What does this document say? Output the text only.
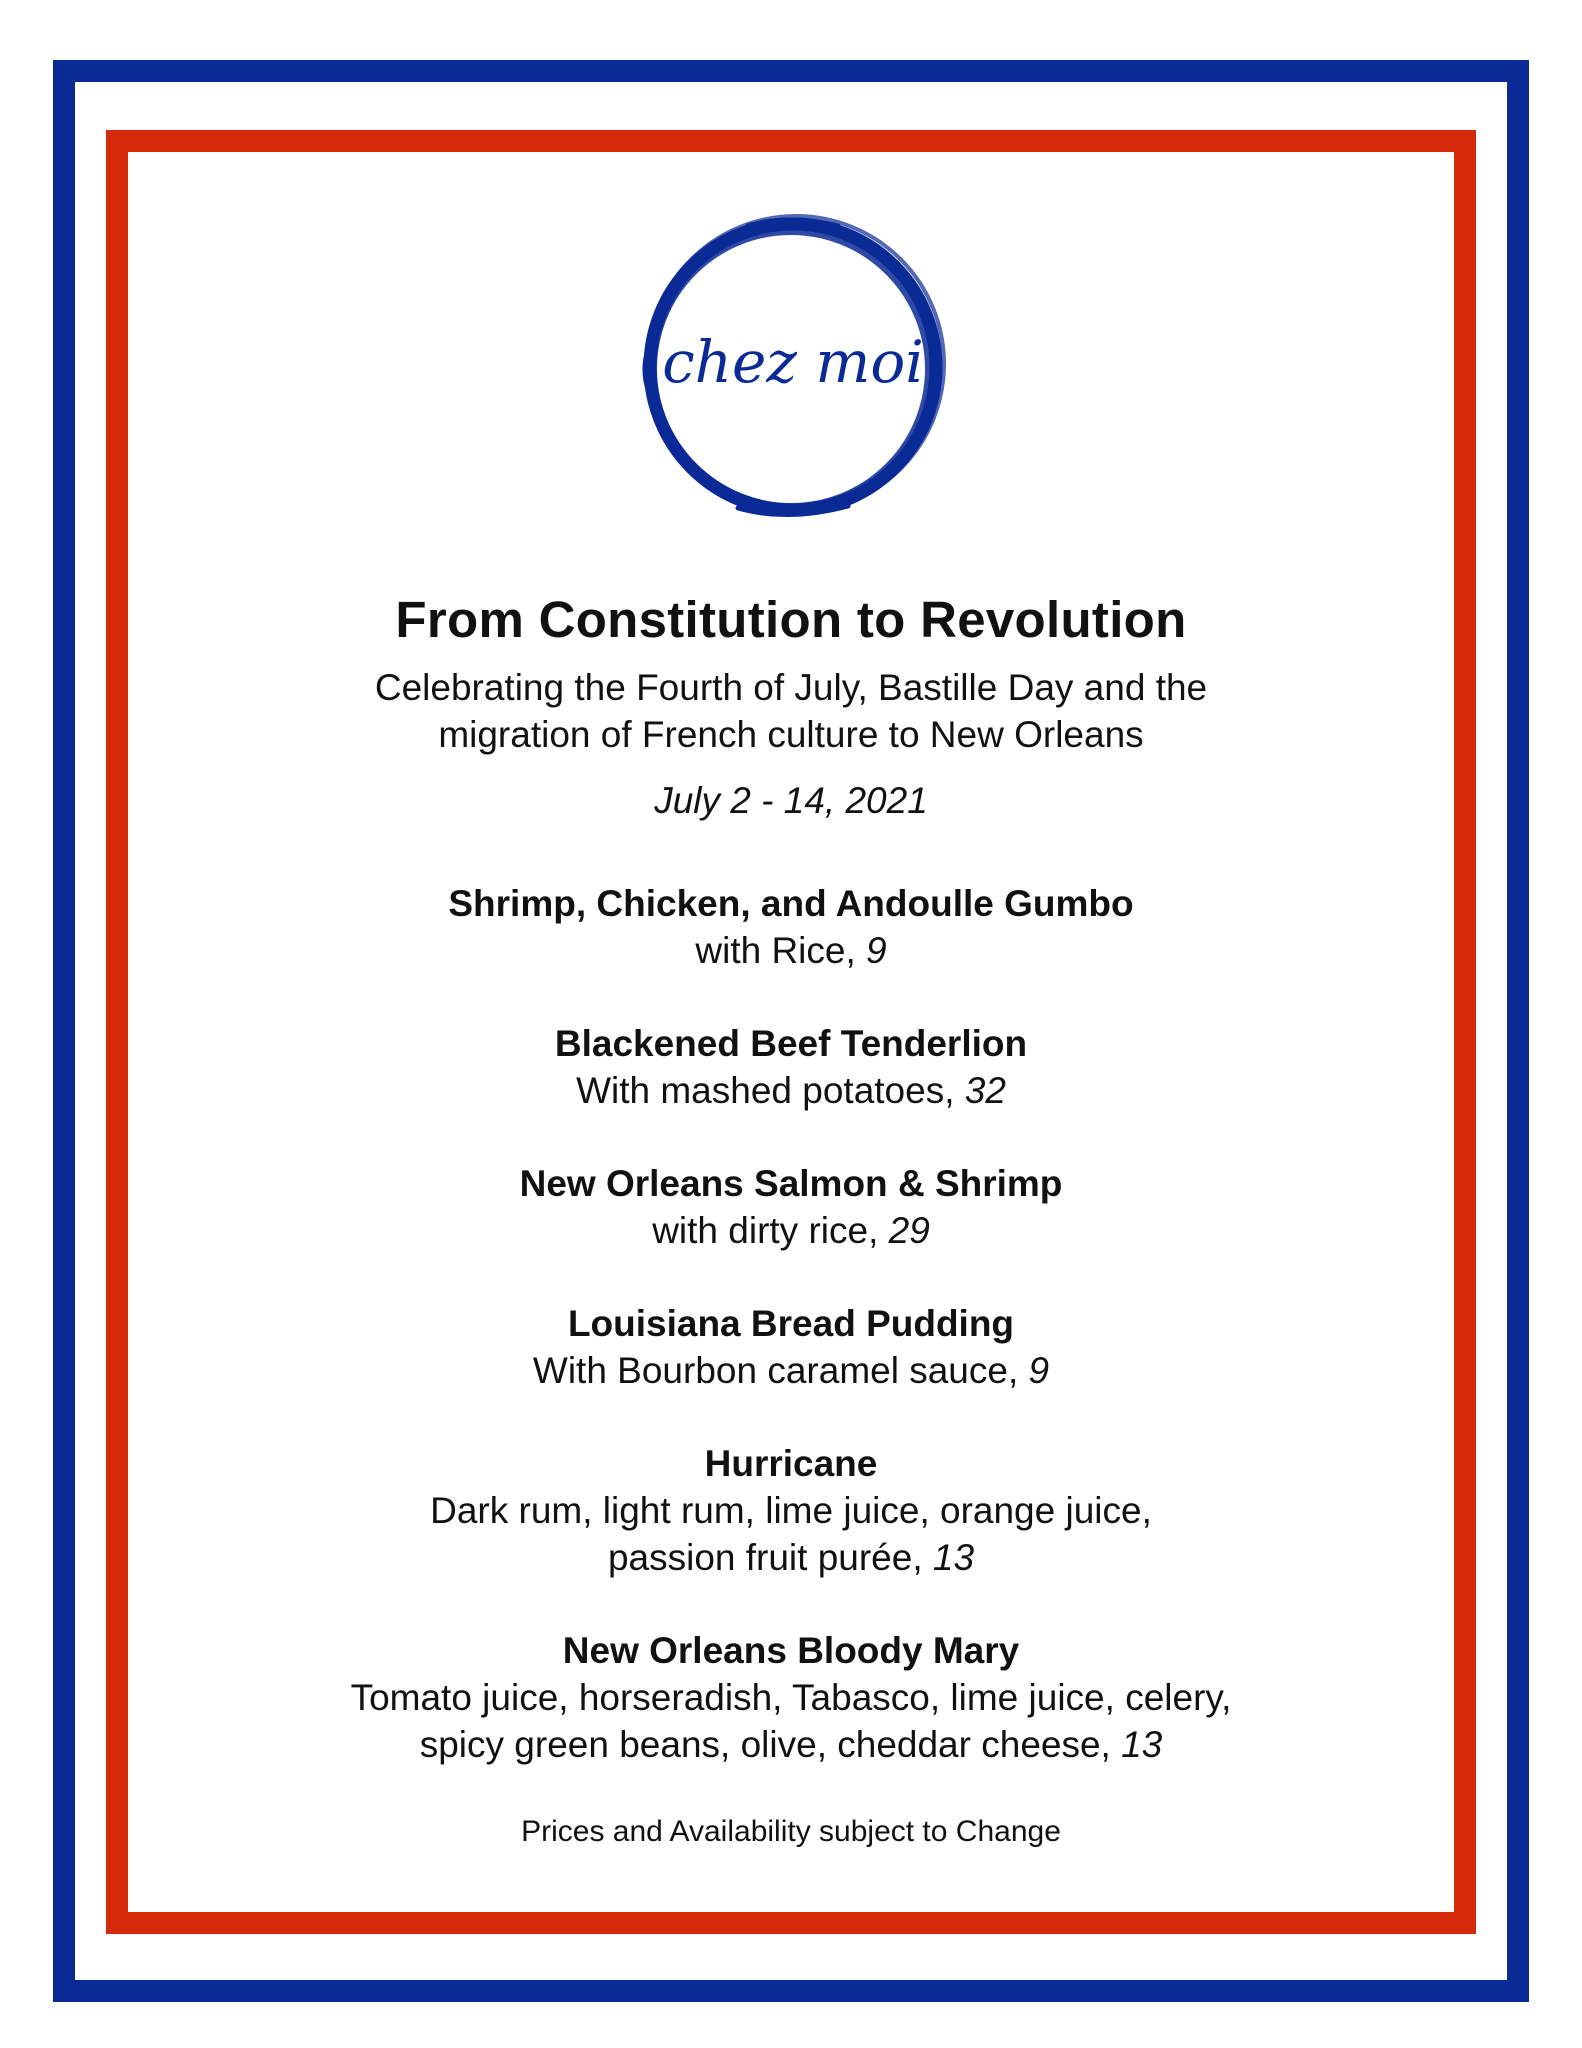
chez moi
From Constitution to Revolution
Celebrating the Fourth of July, Bastille Day and the
migration of French culture to New Orleans
July 2 - 14, 2021
Shrimp, Chicken, and Andoulle Gumbo
with Rice, 9
Blackened Beef Tenderlion
With mashed potatoes, 32
New Orleans Salmon & Shrimp
with dirty rice, 29
Louisiana Bread Pudding
With Bourbon caramel sauce, 9
Hurricane
Dark rum, light rum, lime juice, orange juice,
passion fruit purée, 13
New Orleans Bloody Mary
Tomato juice, horseradish, Tabasco, lime juice, celery,
spicy green beans, olive, cheddar cheese, 13
Prices and Availability subject to Change
